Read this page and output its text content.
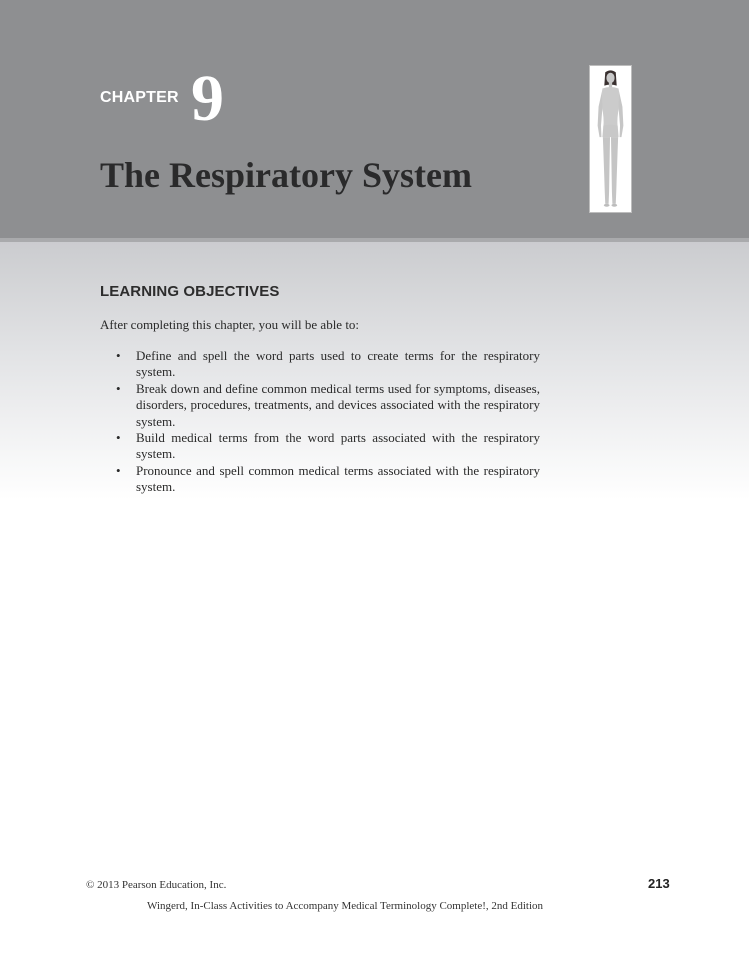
CHAPTER 9
The Respiratory System
LEARNING OBJECTIVES
After completing this chapter, you will be able to:
• Define and spell the word parts used to create terms for the respiratory system.
• Break down and define common medical terms used for symptoms, diseases, disorders, procedures, treatments, and devices associated with the respiratory system.
• Build medical terms from the word parts associated with the respiratory system.
• Pronounce and spell common medical terms associated with the respiratory system.
© 2013 Pearson Education, Inc.	213
Wingerd, In-Class Activities to Accompany Medical Terminology Complete!, 2nd Edition
